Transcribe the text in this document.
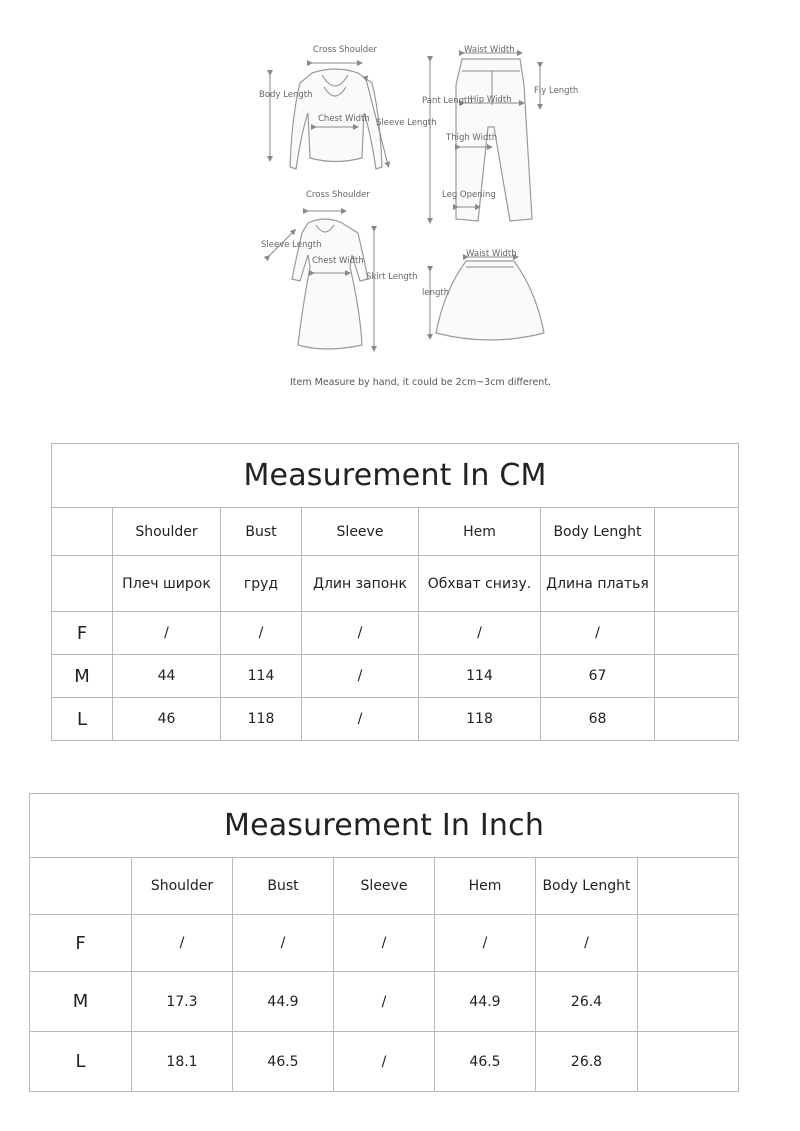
Cross Shoulder
Body Length
Chest Width Sleeve Length
Waist Width
Pant Length
Hip Width
Fly Length
Thigh Width
Leg Opening
Cross Shoulder
Sleeve Length
Chest Width
Skirt Length
Waist Width
length
Item Measure by hand, it could be 2cm~3cm different.
Measurement In CM						
	Shoulder	Bust	Sleeve	Hem	Body Lenght	
	Плеч широк	груд	Длин запонк	Обхват снизу.	Длина платья	
F	/	/	/	/	/	
M	44	114	/	114	67	
L	46	118	/	118	68	
Measurement In Inch						
	Shoulder	Bust	Sleeve	Hem	Body Lenght	
F	/	/	/	/	/	
M	17.3	44.9	/	44.9	26.4	
L	18.1	46.5	/	46.5	26.8	
